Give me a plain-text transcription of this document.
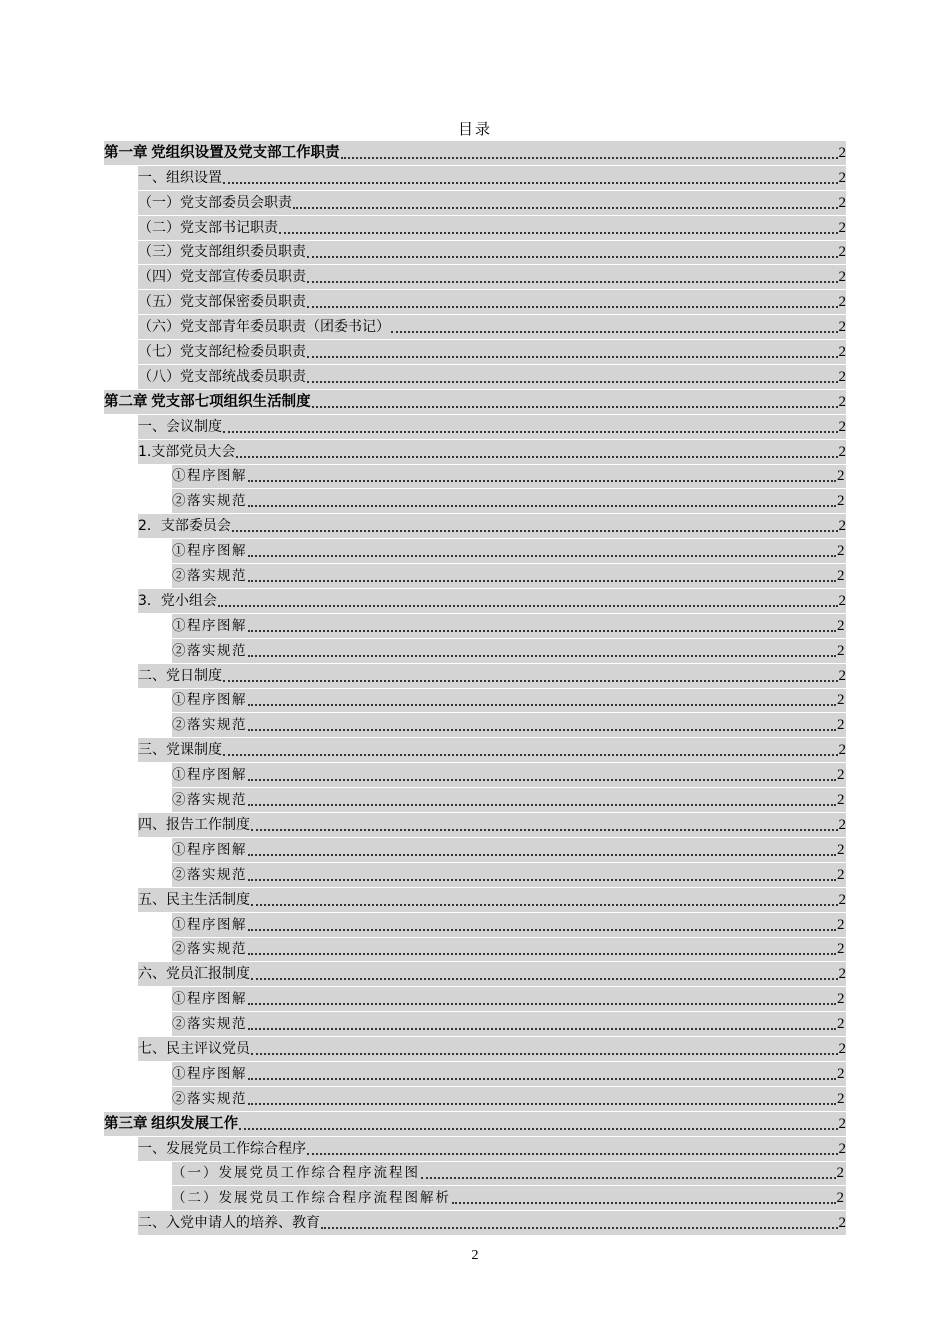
目录
第一章 党组织设置及党支部工作职责	2
一、组织设置	2
（一）党支部委员会职责	2
（二）党支部书记职责	2
（三）党支部组织委员职责	2
（四）党支部宣传委员职责	2
（五）党支部保密委员职责	2
（六）党支部青年委员职责（团委书记）	2
（七）党支部纪检委员职责	2
（八）党支部统战委员职责	2
第二章 党支部七项组织生活制度	2
一、会议制度	2
1.支部党员大会	2
①程序图解	2
②落实规范	2
2．支部委员会	2
①程序图解	2
②落实规范	2
3．党小组会	2
①程序图解	2
②落实规范	2
二、党日制度	2
①程序图解	2
②落实规范	2
三、党课制度	2
①程序图解	2
②落实规范	2
四、报告工作制度	2
①程序图解	2
②落实规范	2
五、民主生活制度	2
①程序图解	2
②落实规范	2
六、党员汇报制度	2
①程序图解	2
②落实规范	2
七、民主评议党员	2
①程序图解	2
②落实规范	2
第三章 组织发展工作	2
一、发展党员工作综合程序	2
（一）发展党员工作综合程序流程图	2
（二）发展党员工作综合程序流程图解析	2
二、入党申请人的培养、教育	2
2
